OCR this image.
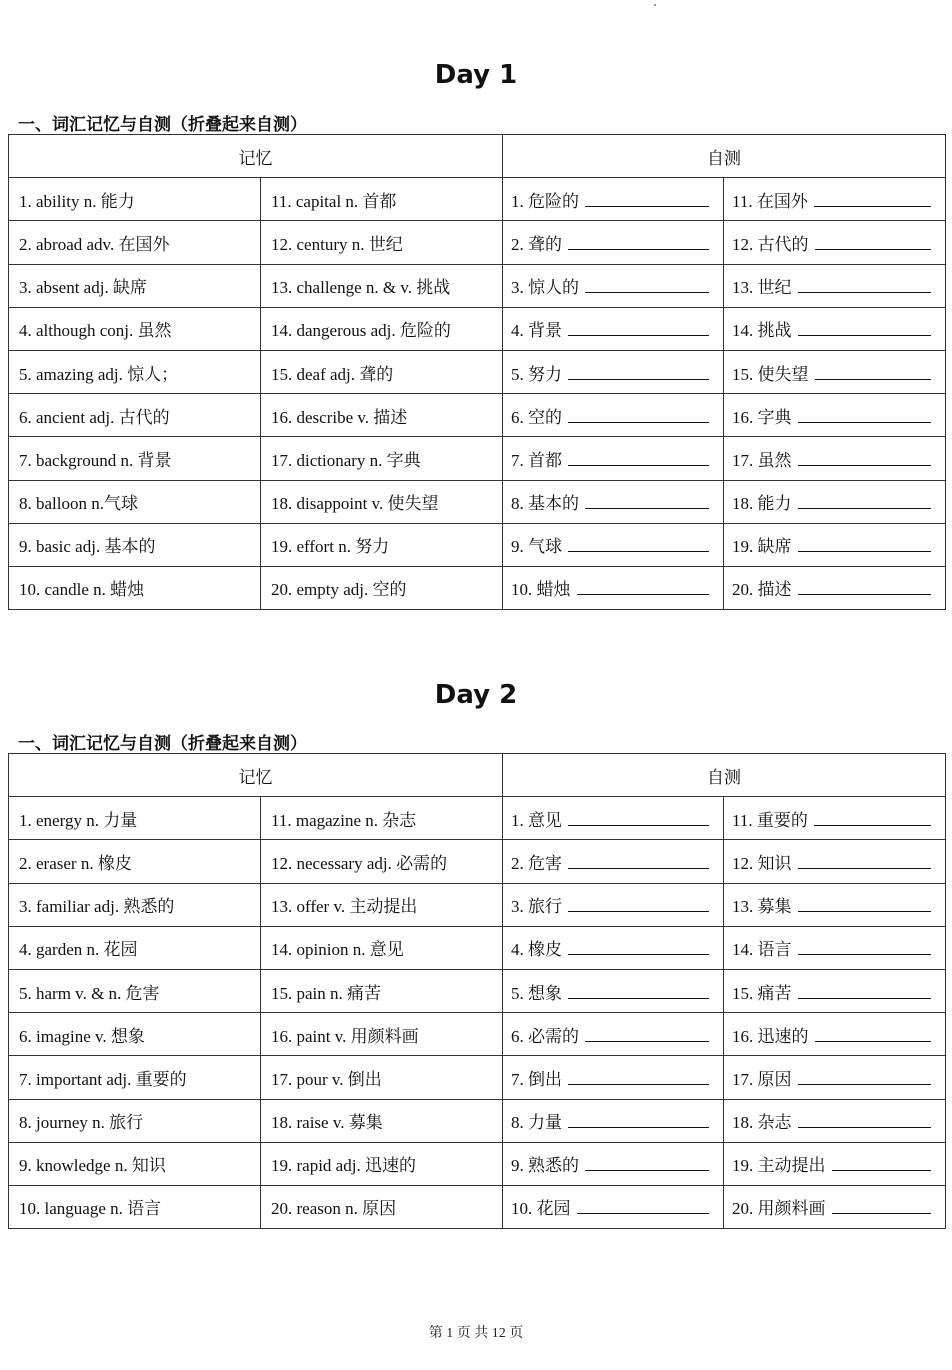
Day 1
一、词汇记忆与自测（折叠起来自测）
记忆		自测	
1. ability n. 能力	11. capital n. 首都	1. 危险的	11. 在国外
2. abroad adv. 在国外	12. century n. 世纪	2. 聋的	12. 古代的
3. absent adj. 缺席	13. challenge n. & v. 挑战	3. 惊人的	13. 世纪
4. although conj. 虽然	14. dangerous adj. 危险的	4. 背景	14. 挑战
5. amazing adj. 惊人；	15. deaf adj. 聋的	5. 努力	15. 使失望
6. ancient adj. 古代的	16. describe v. 描述	6. 空的	16. 字典
7. background n. 背景	17. dictionary n. 字典	7. 首都	17. 虽然
8. balloon n.气球	18. disappoint v. 使失望	8. 基本的	18. 能力
9. basic adj. 基本的	19. effort n. 努力	9. 气球	19. 缺席
10. candle n. 蜡烛	20. empty adj. 空的	10. 蜡烛	20. 描述
Day 2
一、词汇记忆与自测（折叠起来自测）
记忆		自测	
1. energy n. 力量	11. magazine n. 杂志	1. 意见	11. 重要的
2. eraser n. 橡皮	12. necessary adj. 必需的	2. 危害	12. 知识
3. familiar adj. 熟悉的	13. offer v. 主动提出	3. 旅行	13. 募集
4. garden n. 花园	14. opinion n. 意见	4. 橡皮	14. 语言
5. harm v. & n. 危害	15. pain n. 痛苦	5. 想象	15. 痛苦
6. imagine v. 想象	16. paint v. 用颜料画	6. 必需的	16. 迅速的
7. important adj. 重要的	17. pour v. 倒出	7. 倒出	17. 原因
8. journey n. 旅行	18. raise v. 募集	8. 力量	18. 杂志
9. knowledge n. 知识	19. rapid adj. 迅速的	9. 熟悉的	19. 主动提出
10. language n. 语言	20. reason n. 原因	10. 花园	20. 用颜料画
第 1 页 共 12 页
